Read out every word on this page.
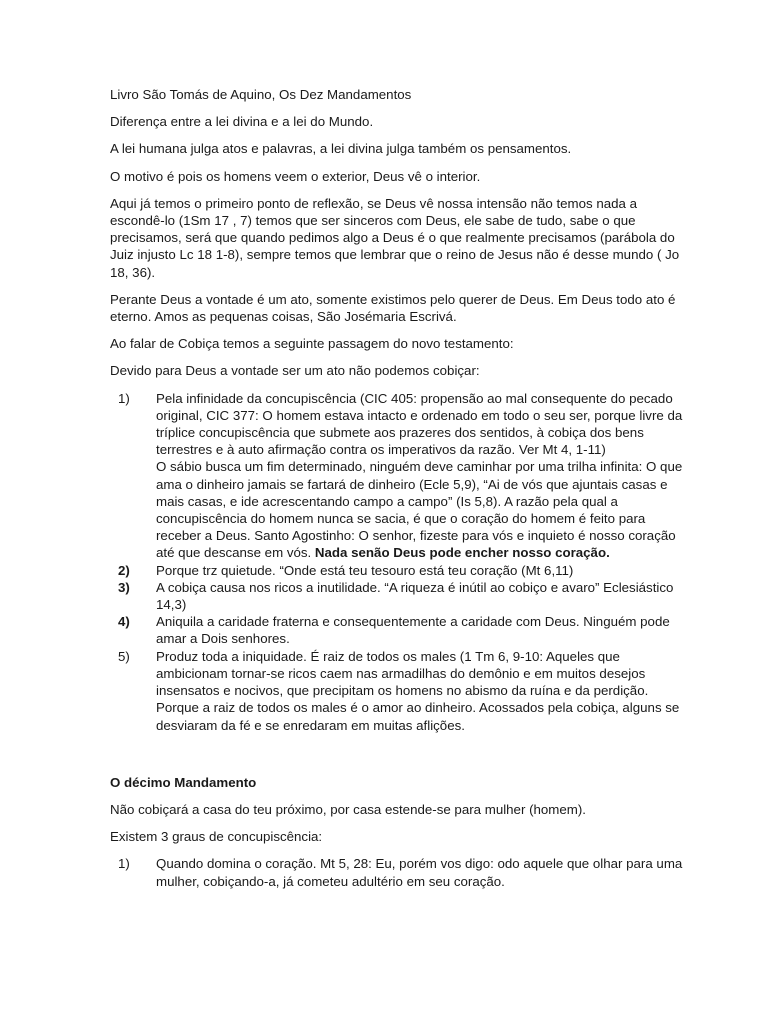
Livro São Tomás de Aquino, Os Dez Mandamentos

Diferença entre a lei divina e a lei do Mundo.

A lei humana julga atos e palavras, a lei divina julga também os pensamentos.

O motivo é pois os homens veem o exterior, Deus vê o interior.

Aqui já temos o primeiro ponto de reflexão, se Deus vê nossa intensão não temos nada a escondê-lo (1Sm 17 , 7) temos que ser sinceros com Deus, ele sabe de tudo, sabe o que precisamos, será que quando pedimos algo a Deus é o que realmente precisamos (parábola do Juiz injusto Lc 18 1-8), sempre temos que lembrar que o reino de Jesus não é desse mundo ( Jo 18, 36).

Perante Deus a vontade é um ato, somente existimos pelo querer de Deus. Em Deus todo ato é eterno. Amos as pequenas coisas, São Josémaria Escrivá.

Ao falar de Cobiça temos a seguinte passagem do novo testamento:

Devido para Deus a vontade ser um ato não podemos cobiçar:

1) Pela infinidade da concupiscência (CIC 405: propensão ao mal consequente do pecado original, CIC 377: O homem estava intacto e ordenado em todo o seu ser, porque livre da tríplice concupiscência que submete aos prazeres dos sentidos, à cobiça dos bens terrestres e à auto afirmação contra os imperativos da razão. Ver Mt 4, 1-11)
O sábio busca um fim determinado, ninguém deve caminhar por uma trilha infinita: O que ama o dinheiro jamais se fartará de dinheiro (Ecle 5,9), “Ai de vós que ajuntais casas e mais casas, e ide acrescentando campo a campo” (Is 5,8). A razão pela qual a concupiscência do homem nunca se sacia, é que o coração do homem é feito para receber a Deus. Santo Agostinho: O senhor, fizeste para vós e inquieto é nosso coração até que descanse em vós. Nada senão Deus pode encher nosso coração.
2) Porque trz quietude. “Onde está teu tesouro está teu coração (Mt 6,11)
3) A cobiça causa nos ricos a inutilidade. “A riqueza é inútil ao cobiço e avaro” Eclesiástico 14,3)
4) Aniquila a caridade fraterna e consequentemente a caridade com Deus. Ninguém pode amar a Dois senhores.
5) Produz toda a iniquidade. É raiz de todos os males (1 Tm 6, 9-10: Aqueles que ambicionam tornar-se ricos caem nas armadilhas do demônio e em muitos desejos insensatos e nocivos, que precipitam os homens no abismo da ruína e da perdição. Porque a raiz de todos os males é o amor ao dinheiro. Acossados pela cobiça, alguns se desviaram da fé e se enredaram em muitas aflições.

O décimo Mandamento

Não cobiçará a casa do teu próximo, por casa estende-se para mulher (homem).

Existem 3 graus de concupiscência:

1) Quando domina o coração. Mt 5, 28: Eu, porém vos digo: odo aquele que olhar para uma mulher, cobiçando-a, já cometeu adultério em seu coração.
